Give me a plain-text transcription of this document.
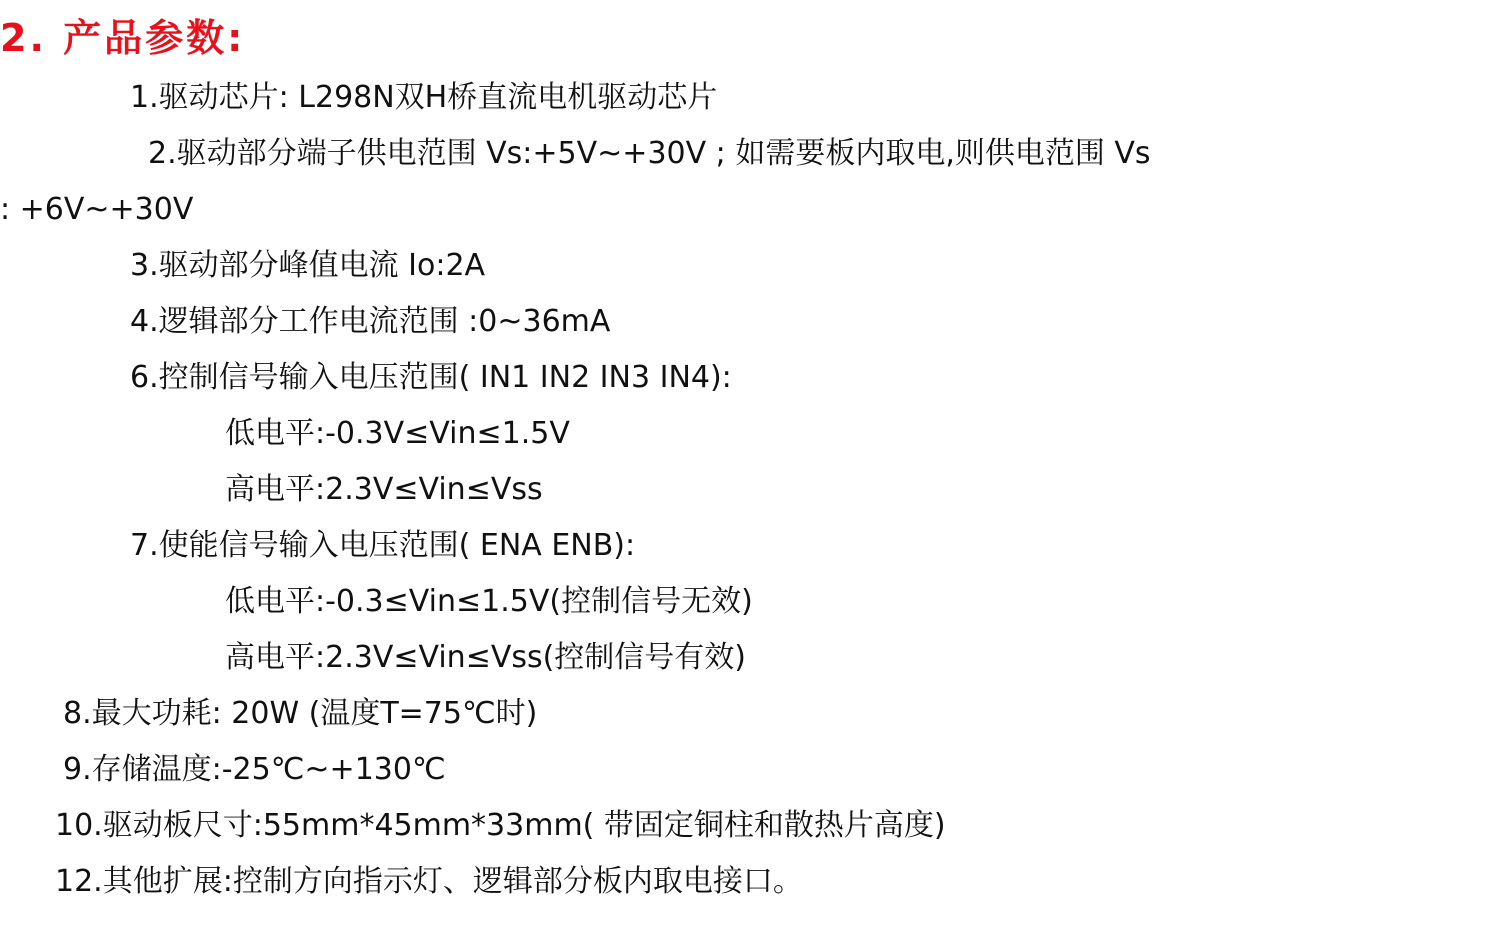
2. 产品参数:
1.驱动芯片: L298N双H桥直流电机驱动芯片
2.驱动部分端子供电范围 Vs:+5V~+30V ; 如需要板内取电,则供电范围 Vs
: +6V~+30V
3.驱动部分峰值电流 Io:2A
4.逻辑部分工作电流范围 :0~36mA
6.控制信号输入电压范围( IN1 IN2 IN3 IN4):
低电平:-0.3V≤Vin≤1.5V
高电平:2.3V≤Vin≤Vss
7.使能信号输入电压范围( ENA ENB):
低电平:-0.3≤Vin≤1.5V(控制信号无效)
高电平:2.3V≤Vin≤Vss(控制信号有效)
8.最大功耗: 20W (温度T=75℃时)
9.存储温度:-25℃~+130℃
10.驱动板尺寸:55mm*45mm*33mm( 带固定铜柱和散热片高度)
12.其他扩展:控制方向指示灯、逻辑部分板内取电接口。
